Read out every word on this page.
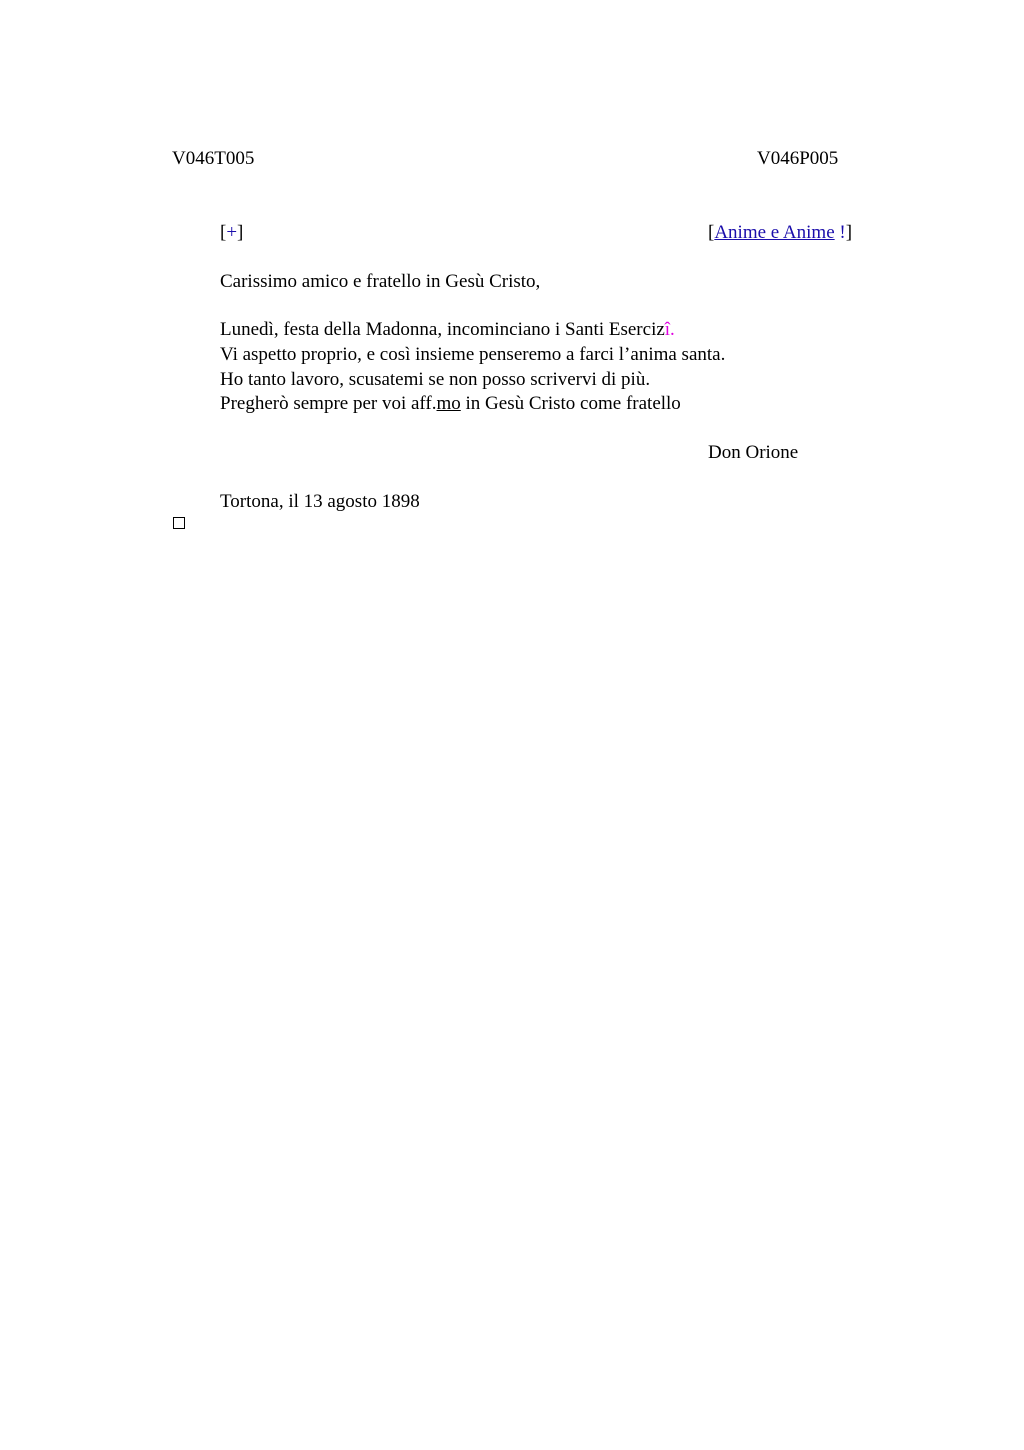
V046T005	V046P005
[+]	[Anime e Anime !]
Carissimo amico e fratello in Gesù Cristo,
Lunedì, festa della Madonna, incominciano i Santi Esercizî.
Vi aspetto proprio, e così insieme penseremo a farci l’anima santa.
Ho tanto lavoro, scusatemi se non posso scrivervi di più.
Pregherò sempre per voi aff.mo in Gesù Cristo come fratello
Don Orione
Tortona, il 13 agosto 1898
